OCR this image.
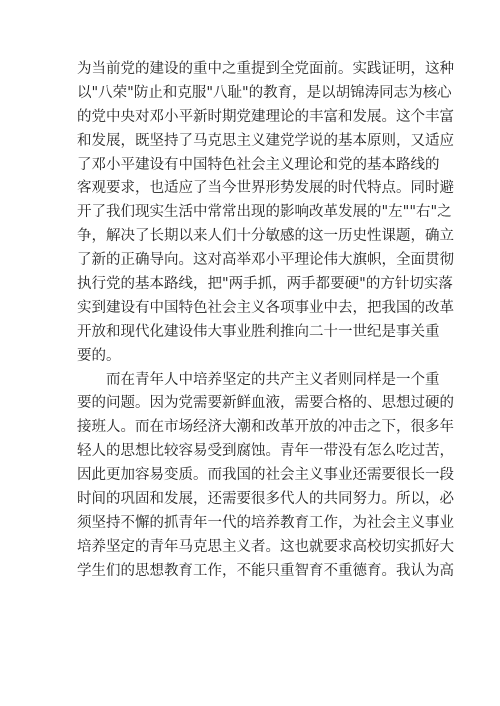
为当前党的建设的重中之重提到全党面前。实践证明，这种
以"八荣"防止和克服"八耻"的教育，是以胡锦涛同志为核心
的党中央对邓小平新时期党建理论的丰富和发展。这个丰富
和发展，既坚持了马克思主义建党学说的基本原则，又适应
了邓小平建设有中国特色社会主义理论和党的基本路线的
客观要求，也适应了当今世界形势发展的时代特点。同时避
开了我们现实生活中常常出现的影响改革发展的"左""右"之
争，解决了长期以来人们十分敏感的这一历史性课题，确立
了新的正确导向。这对高举邓小平理论伟大旗帜，全面贯彻
执行党的基本路线，把"两手抓，两手都要硬"的方针切实落
实到建设有中国特色社会主义各项事业中去，把我国的改革
开放和现代化建设伟大事业胜利推向二十一世纪是事关重
要的。
而在青年人中培养坚定的共产主义者则同样是一个重
要的问题。因为党需要新鲜血液，需要合格的、思想过硬的
接班人。而在市场经济大潮和改革开放的冲击之下，很多年
轻人的思想比较容易受到腐蚀。青年一带没有怎么吃过苦，
因此更加容易变质。而我国的社会主义事业还需要很长一段
时间的巩固和发展，还需要很多代人的共同努力。所以，必
须坚持不懈的抓青年一代的培养教育工作，为社会主义事业
培养坚定的青年马克思主义者。这也就要求高校切实抓好大
学生们的思想教育工作，不能只重智育不重德育。我认为高
